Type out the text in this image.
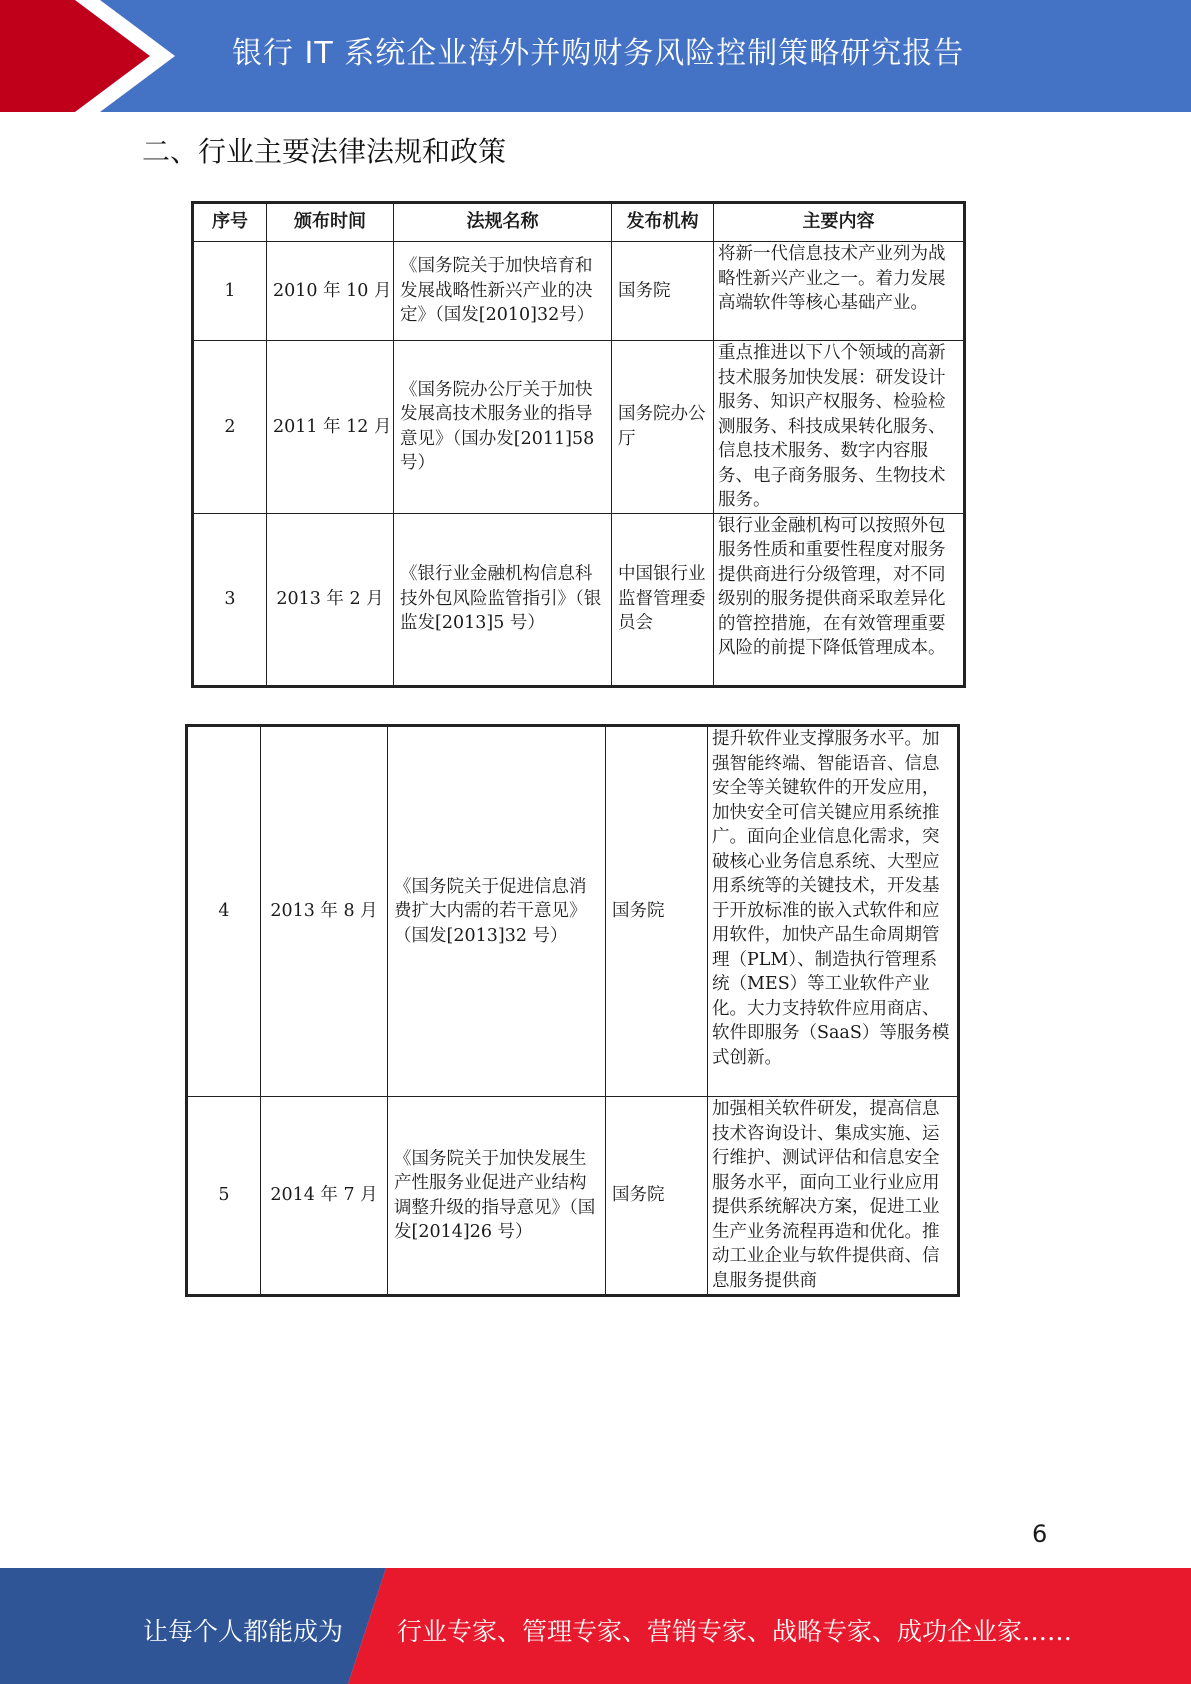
银行 IT 系统企业海外并购财务风险控制策略研究报告
二、行业主要法律法规和政策
序号	颁布时间	法规名称	发布机构	主要内容
1	2010 年 10 月	《国务院关于加快培育和发展战略性新兴产业的决定》（国发[2010]32号）	国务院	将新一代信息技术产业列为战略性新兴产业之一。着力发展高端软件等核心基础产业。
2	2011 年 12 月	《国务院办公厅关于加快发展高技术服务业的指导意见》（国办发[2011]58 号）	国务院办公厅	重点推进以下八个领域的高新技术服务加快发展：研发设计服务、知识产权服务、检验检测服务、科技成果转化服务、信息技术服务、数字内容服务、电子商务服务、生物技术服务。
3	2013 年 2 月	《银行业金融机构信息科技外包风险监管指引》（银监发[2013]5 号）	中国银行业监督管理委员会	银行业金融机构可以按照外包服务性质和重要性程度对服务提供商进行分级管理，对不同级别的服务提供商采取差异化的管控措施，在有效管理重要风险的前提下降低管理成本。
4	2013 年 8 月	《国务院关于促进信息消费扩大内需的若干意见》（国发[2013]32 号）	国务院	提升软件业支撑服务水平。加强智能终端、智能语音、信息安全等关键软件的开发应用，加快安全可信关键应用系统推广。面向企业信息化需求，突破核心业务信息系统、大型应用系统等的关键技术，开发基于开放标准的嵌入式软件和应用软件，加快产品生命周期管理（PLM）、制造执行管理系统（MES）等工业软件产业化。大力支持软件应用商店、软件即服务（SaaS）等服务模式创新。
5	2014 年 7 月	《国务院关于加快发展生产性服务业促进产业结构调整升级的指导意见》（国发[2014]26 号）	国务院	加强相关软件研发，提高信息技术咨询设计、集成实施、运行维护、测试评估和信息安全服务水平，面向工业行业应用提供系统解决方案，促进工业生产业务流程再造和优化。推动工业企业与软件提供商、信息服务提供商
6
让每个人都能成为 行业专家、管理专家、营销专家、战略专家、成功企业家……
